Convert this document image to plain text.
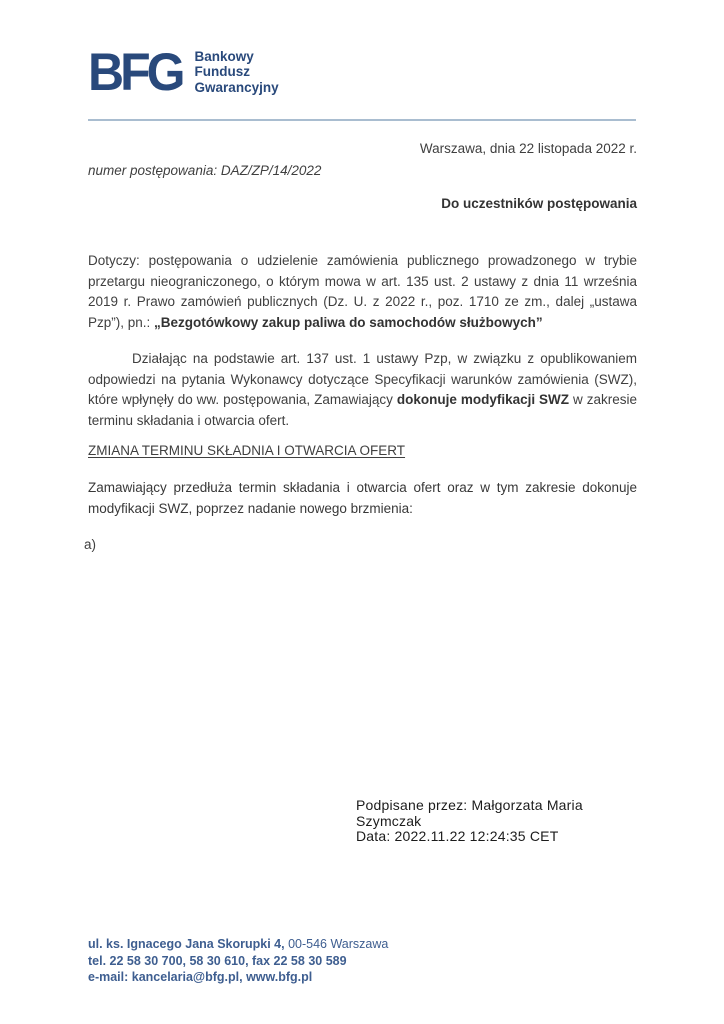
BFG Bankowy
Fundusz
Gwarancyjny
Warszawa, dnia 22 listopada 2022 r.
numer postępowania: DAZ/ZP/14/2022
Do uczestników postępowania
Dotyczy: postępowania o udzielenie zamówienia publicznego prowadzonego w trybie przetargu nieograniczonego, o którym mowa w art. 135 ust. 2 ustawy z dnia 11 września 2019 r. Prawo zamówień publicznych (Dz. U. z 2022 r., poz. 1710 ze zm., dalej „ustawa Pzp”), pn.: „Bezgotówkowy zakup paliwa do samochodów służbowych”
Działając na podstawie art. 137 ust. 1 ustawy Pzp, w związku z opublikowaniem odpowiedzi na pytania Wykonawcy dotyczące Specyfikacji warunków zamówienia (SWZ), które wpłynęły do ww. postępowania, Zamawiający dokonuje modyfikacji SWZ w zakresie terminu składania i otwarcia ofert.
ZMIANA TERMINU SKŁADNIA I OTWARCIA OFERT
Zamawiający przedłuża termin składania i otwarcia ofert oraz w tym zakresie dokonuje modyfikacji SWZ, poprzez nadanie nowego brzmienia:
a)
Podpisane przez: Małgorzata Maria
Szymczak
Data: 2022.11.22 12:24:35 CET
ul. ks. Ignacego Jana Skorupki 4, 00-546 Warszawa
tel. 22 58 30 700, 58 30 610, fax 22 58 30 589
e-mail: kancelaria@bfg.pl, www.bfg.pl
